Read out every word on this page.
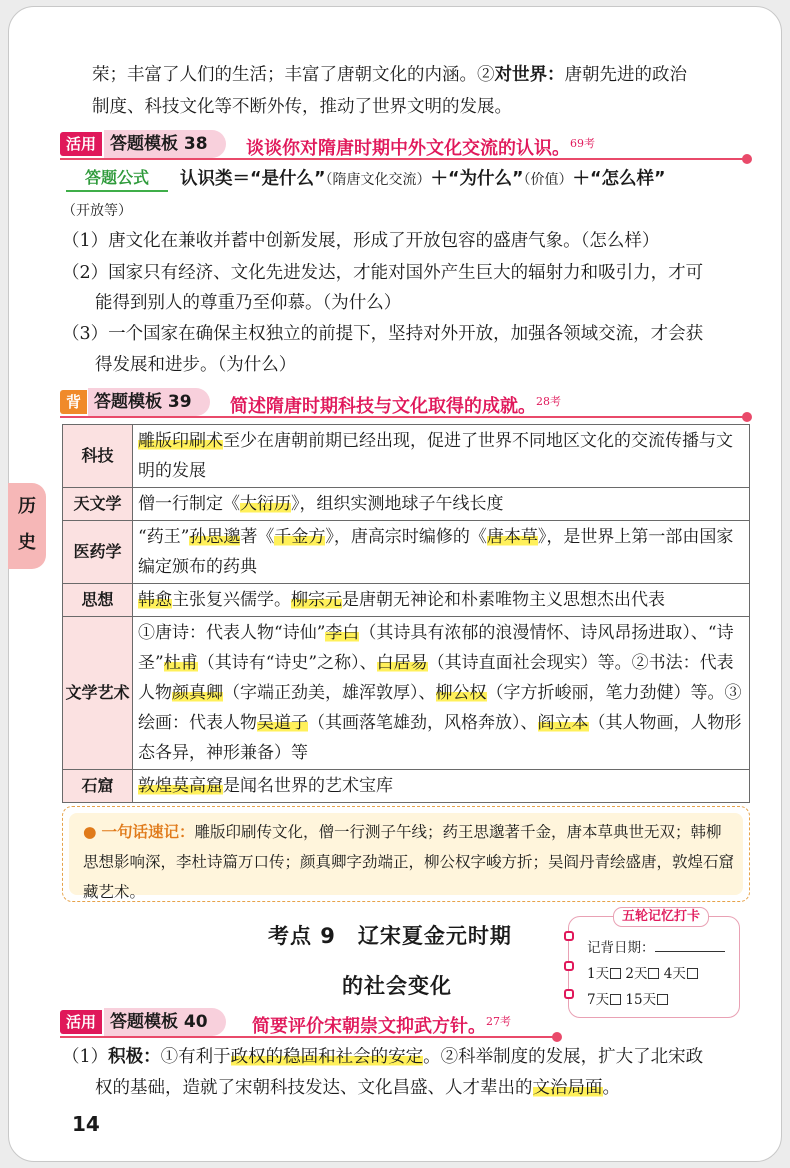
荣；丰富了人们的生活；丰富了唐朝文化的内涵。②对世界：唐朝先进的政治
制度、科技文化等不断外传，推动了世界文明的发展。
活用 答题模板 38	谈谈你对隋唐时期中外文化交流的认识。$^{69考}$
答题公式	认识类＝“是什么”（隋唐文化交流）＋“为什么”（价值）＋“怎么样”
（开放等）
（1）唐文化在兼收并蓄中创新发展，形成了开放包容的盛唐气象。（怎么样）
（2）国家只有经济、文化先进发达，才能对国外产生巨大的辐射力和吸引力，才可
能得到别人的尊重乃至仰慕。（为什么）
（3）一个国家在确保主权独立的前提下，坚持对外开放，加强各领域交流，才会获
得发展和进步。（为什么）
背 答题模板 39	简述隋唐时期科技与文化取得的成就。$^{28考}$
历
史
科技	雕版印刷术至少在唐朝前期已经出现，促进了世界不同地区文化的交流传播与文明的发展
天文学	僧一行制定《大衍历》，组织实测地球子午线长度
医药学	“药王”孙思邈著《千金方》，唐高宗时编修的《唐本草》，是世界上第一部由国家编定颁布的药典
思想	韩愈主张复兴儒学。柳宗元是唐朝无神论和朴素唯物主义思想杰出代表
文学艺术	①唐诗：代表人物“诗仙”李白（其诗具有浓郁的浪漫情怀、诗风昂扬进取）、“诗圣”杜甫（其诗有“诗史”之称）、白居易（其诗直面社会现实）等。②书法：代表人物颜真卿（字端正劲美，雄浑敦厚）、柳公权（字方折峻丽，笔力劲健）等。③绘画：代表人物吴道子（其画落笔雄劲，风格奔放）、阎立本（其人物画，人物形态各异，神形兼备）等
石窟	敦煌莫高窟是闻名世界的艺术宝库
● 一句话速记：雕版印刷传文化，僧一行测子午线；药王思邈著千金，唐本草典世无双；韩柳思想影响深，李杜诗篇万口传；颜真卿字劲端正，柳公权字峻方折；吴阎丹青绘盛唐，敦煌石窟藏艺术。
考点 9　辽宋夏金元时期
的社会变化
五轮记忆打卡
记背日期：
1天 2天 4天
7天 15天
活用 答题模板 40	简要评价宋朝崇文抑武方针。$^{27考}$
（1）积极：①有利于政权的稳固和社会的安定。②科举制度的发展，扩大了北宋政
权的基础，造就了宋朝科技发达、文化昌盛、人才辈出的文治局面。
14
